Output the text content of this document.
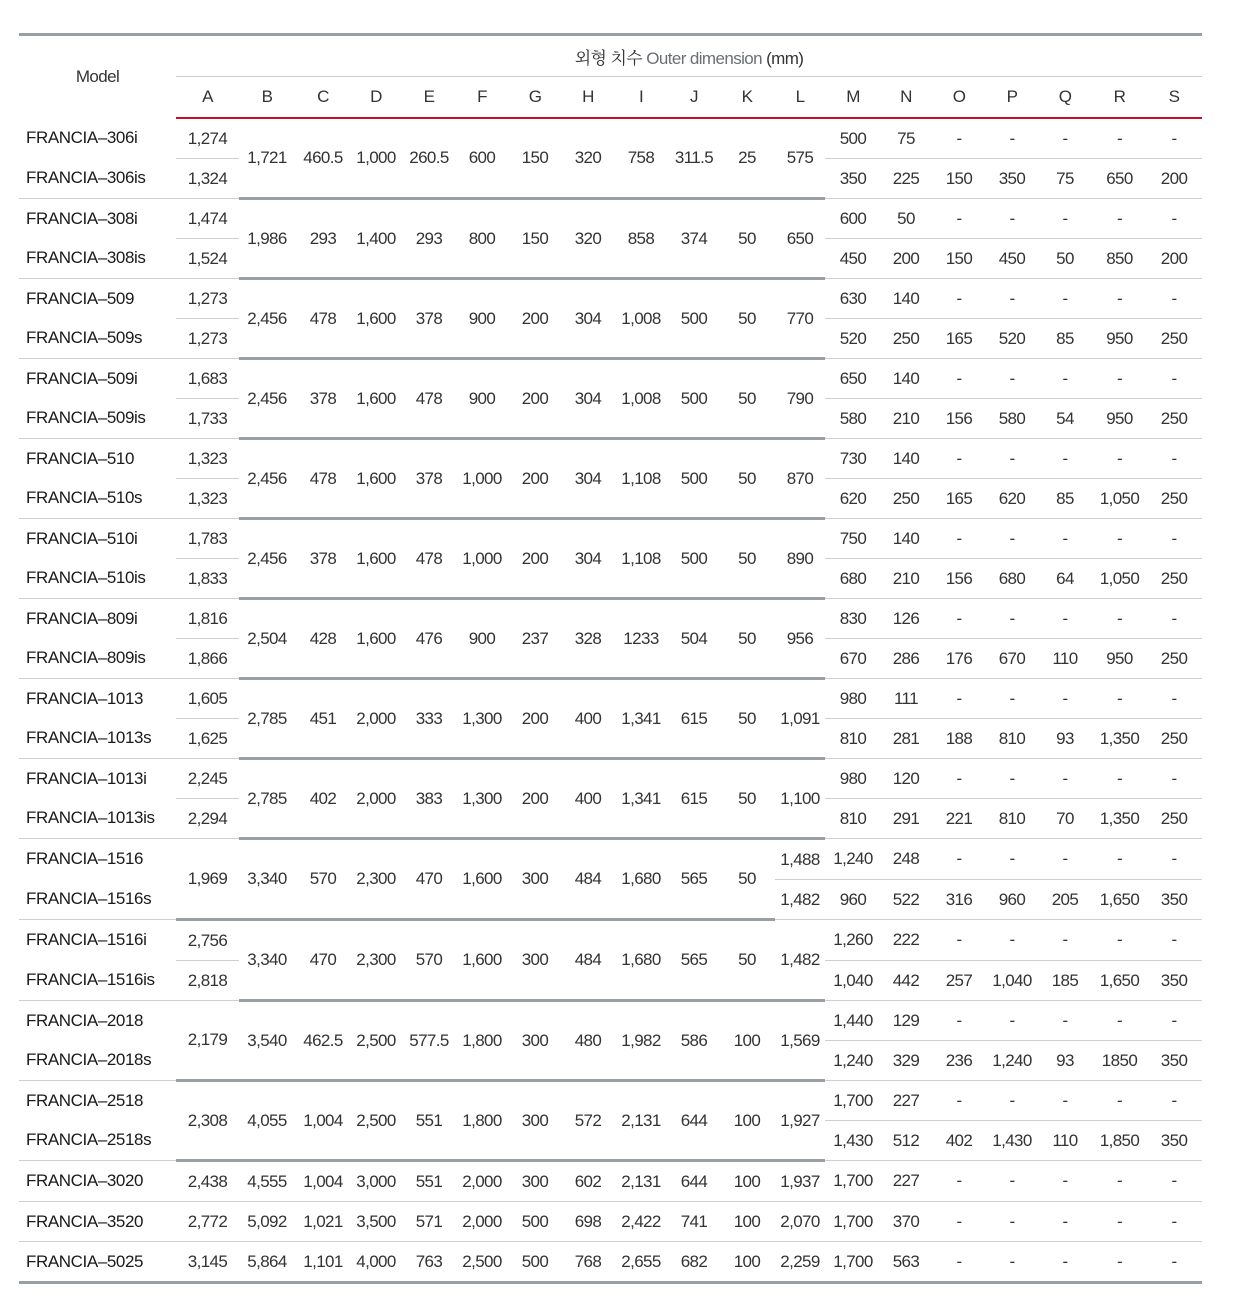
Model	외형 치수 Outer dimension (mm)																		
	A	B	C	D	E	F	G	H	I	J	K	L	M	N	O	P	Q	R	S
FRANCIA–306i	1,274	1,721	460.5	1,000	260.5	600	150	320	758	311.5	25	575	500	75	-	-	-	-	-
FRANCIA–306is	1,324												350	225	150	350	75	650	200
FRANCIA–308i	1,474	1,986	293	1,400	293	800	150	320	858	374	50	650	600	50	-	-	-	-	-
FRANCIA–308is	1,524												450	200	150	450	50	850	200
FRANCIA–509	1,273	2,456	478	1,600	378	900	200	304	1,008	500	50	770	630	140	-	-	-	-	-
FRANCIA–509s	1,273												520	250	165	520	85	950	250
FRANCIA–509i	1,683	2,456	378	1,600	478	900	200	304	1,008	500	50	790	650	140	-	-	-	-	-
FRANCIA–509is	1,733												580	210	156	580	54	950	250
FRANCIA–510	1,323	2,456	478	1,600	378	1,000	200	304	1,108	500	50	870	730	140	-	-	-	-	-
FRANCIA–510s	1,323												620	250	165	620	85	1,050	250
FRANCIA–510i	1,783	2,456	378	1,600	478	1,000	200	304	1,108	500	50	890	750	140	-	-	-	-	-
FRANCIA–510is	1,833												680	210	156	680	64	1,050	250
FRANCIA–809i	1,816	2,504	428	1,600	476	900	237	328	1233	504	50	956	830	126	-	-	-	-	-
FRANCIA–809is	1,866												670	286	176	670	110	950	250
FRANCIA–1013	1,605	2,785	451	2,000	333	1,300	200	400	1,341	615	50	1,091	980	111	-	-	-	-	-
FRANCIA–1013s	1,625												810	281	188	810	93	1,350	250
FRANCIA–1013i	2,245	2,785	402	2,000	383	1,300	200	400	1,341	615	50	1,100	980	120	-	-	-	-	-
FRANCIA–1013is	2,294												810	291	221	810	70	1,350	250
FRANCIA–1516	1,969	3,340	570	2,300	470	1,600	300	484	1,680	565	50	1,488	1,240	248	-	-	-	-	-
FRANCIA–1516s												1,482	960	522	316	960	205	1,650	350
FRANCIA–1516i	2,756	3,340	470	2,300	570	1,600	300	484	1,680	565	50	1,482	1,260	222	-	-	-	-	-
FRANCIA–1516is	2,818												1,040	442	257	1,040	185	1,650	350
FRANCIA–2018	2,179	3,540	462.5	2,500	577.5	1,800	300	480	1,982	586	100	1,569	1,440	129	-	-	-	-	-
FRANCIA–2018s													1,240	329	236	1,240	93	1850	350
FRANCIA–2518	2,308	4,055	1,004	2,500	551	1,800	300	572	2,131	644	100	1,927	1,700	227	-	-	-	-	-
FRANCIA–2518s													1,430	512	402	1,430	110	1,850	350
FRANCIA–3020	2,438	4,555	1,004	3,000	551	2,000	300	602	2,131	644	100	1,937	1,700	227	-	-	-	-	-
FRANCIA–3520	2,772	5,092	1,021	3,500	571	2,000	500	698	2,422	741	100	2,070	1,700	370	-	-	-	-	-
FRANCIA–5025	3,145	5,864	1,101	4,000	763	2,500	500	768	2,655	682	100	2,259	1,700	563	-	-	-	-	-
